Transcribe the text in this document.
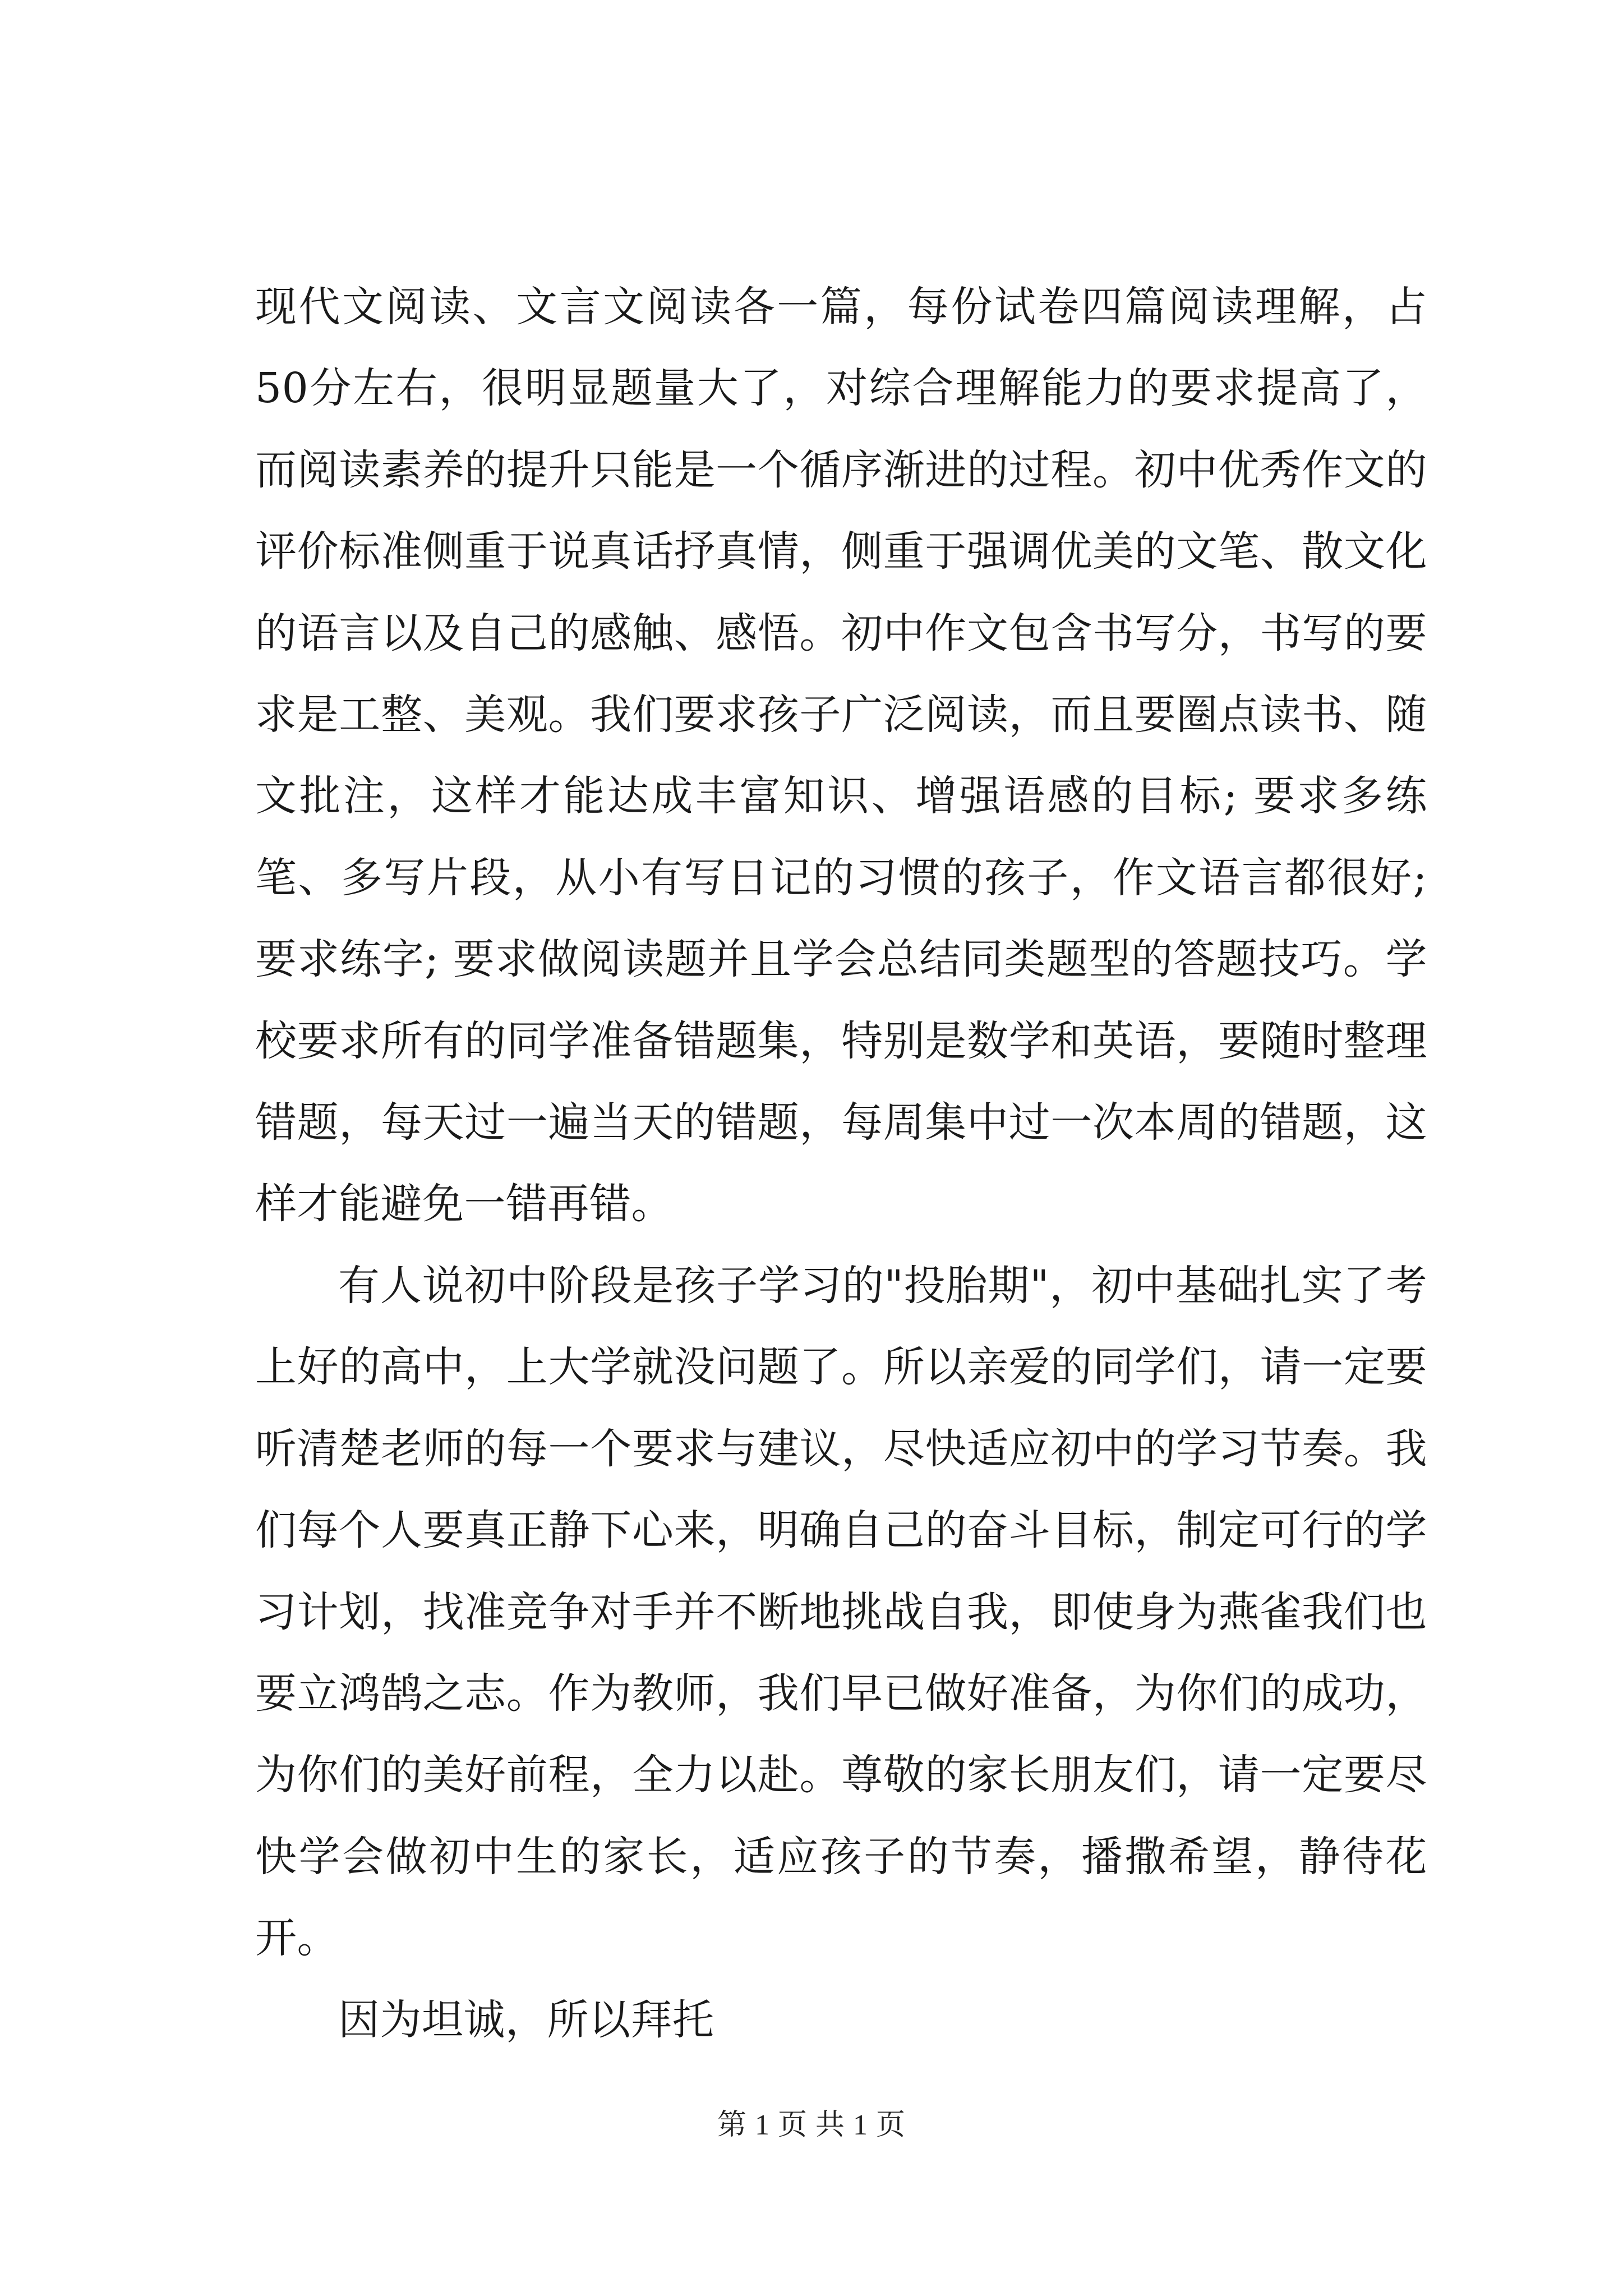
现代文阅读、文言文阅读各一篇，每份试卷四篇阅读理解，占50分左右，很明显题量大了，对综合理解能力的要求提高了，而阅读素养的提升只能是一个循序渐进的过程。初中优秀作文的评价标准侧重于说真话抒真情，侧重于强调优美的文笔、散文化的语言以及自己的感触、感悟。初中作文包含书写分，书写的要求是工整、美观。我们要求孩子广泛阅读，而且要圈点读书、随文批注，这样才能达成丰富知识、增强语感的目标; 要求多练笔、多写片段，从小有写日记的习惯的孩子，作文语言都很好; 要求练字; 要求做阅读题并且学会总结同类题型的答题技巧。学校要求所有的同学准备错题集，特别是数学和英语，要随时整理错题，每天过一遍当天的错题，每周集中过一次本周的错题，这样才能避免一错再错。

有人说初中阶段是孩子学习的"投胎期"，初中基础扎实了考上好的高中，上大学就没问题了。所以亲爱的同学们，请一定要听清楚老师的每一个要求与建议，尽快适应初中的学习节奏。我们每个人要真正静下心来，明确自己的奋斗目标，制定可行的学习计划，找准竞争对手并不断地挑战自我，即使身为燕雀我们也要立鸿鹄之志。作为教师，我们早已做好准备，为你们的成功，为你们的美好前程，全力以赴。尊敬的家长朋友们，请一定要尽快学会做初中生的家长，适应孩子的节奏，播撒希望，静待花开。

因为坦诚，所以拜托

第 1 页 共 1 页
